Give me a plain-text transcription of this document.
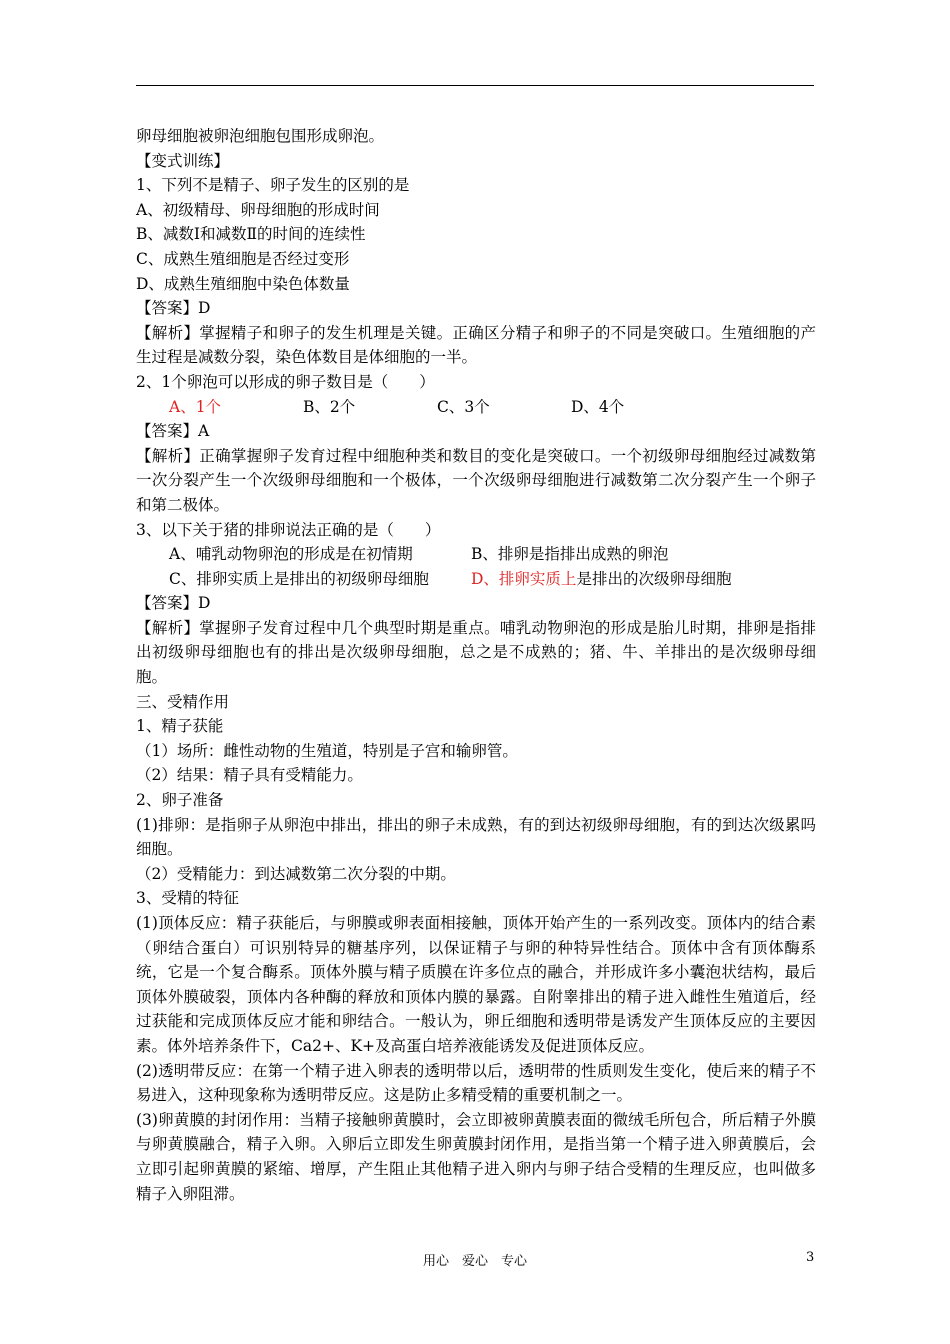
卵母细胞被卵泡细胞包围形成卵泡。
【变式训练】
1、下列不是精子、卵子发生的区别的是
A、初级精母、卵母细胞的形成时间
B、减数Ⅰ和减数Ⅱ的时间的连续性
C、成熟生殖细胞是否经过变形
D、成熟生殖细胞中染色体数量
【答案】D
【解析】掌握精子和卵子的发生机理是关键。正确区分精子和卵子的不同是突破口。生殖细胞的产生过程是减数分裂，染色体数目是体细胞的一半。
2、1个卵泡可以形成的卵子数目是（　　）
A、1个	B、2个	C、3个	D、4个
【答案】A
【解析】正确掌握卵子发育过程中细胞种类和数目的变化是突破口。一个初级卵母细胞经过减数第一次分裂产生一个次级卵母细胞和一个极体，一个次级卵母细胞进行减数第二次分裂产生一个卵子和第二极体。
3、以下关于猪的排卵说法正确的是（　　）
A、哺乳动物卵泡的形成是在初情期	B、排卵是指排出成熟的卵泡
C、排卵实质上是排出的初级卵母细胞	D、排卵实质上是排出的次级卵母细胞
【答案】D
【解析】掌握卵子发育过程中几个典型时期是重点。哺乳动物卵泡的形成是胎儿时期，排卵是指排出初级卵母细胞也有的排出是次级卵母细胞，总之是不成熟的；猪、牛、羊排出的是次级卵母细胞。
三、受精作用
1、精子获能
（1）场所：雌性动物的生殖道，特别是子宫和输卵管。
（2）结果：精子具有受精能力。
2、卵子准备
(1)排卵：是指卵子从卵泡中排出，排出的卵子未成熟，有的到达初级卵母细胞，有的到达次级累吗细胞。
（2）受精能力：到达减数第二次分裂的中期。
3、受精的特征
(1)顶体反应：精子获能后，与卵膜或卵表面相接触，顶体开始产生的一系列改变。顶体内的结合素（卵结合蛋白）可识别特异的糖基序列，以保证精子与卵的种特异性结合。顶体中含有顶体酶系统，它是一个复合酶系。顶体外膜与精子质膜在许多位点的融合，并形成许多小囊泡状结构，最后顶体外膜破裂，顶体内各种酶的释放和顶体内膜的暴露。自附睾排出的精子进入雌性生殖道后，经过获能和完成顶体反应才能和卵结合。一般认为，卵丘细胞和透明带是诱发产生顶体反应的主要因素。体外培养条件下，Ca2+、K+及高蛋白培养液能诱发及促进顶体反应。
(2)透明带反应：在第一个精子进入卵表的透明带以后，透明带的性质则发生变化，使后来的精子不易进入，这种现象称为透明带反应。这是防止多精受精的重要机制之一。
(3)卵黄膜的封闭作用：当精子接触卵黄膜时，会立即被卵黄膜表面的微绒毛所包合，所后精子外膜与卵黄膜融合，精子入卵。入卵后立即发生卵黄膜封闭作用，是指当第一个精子进入卵黄膜后，会立即引起卵黄膜的紧缩、增厚，产生阻止其他精子进入卵内与卵子结合受精的生理反应，也叫做多精子入卵阻滞。
用心　爱心　专心	3
